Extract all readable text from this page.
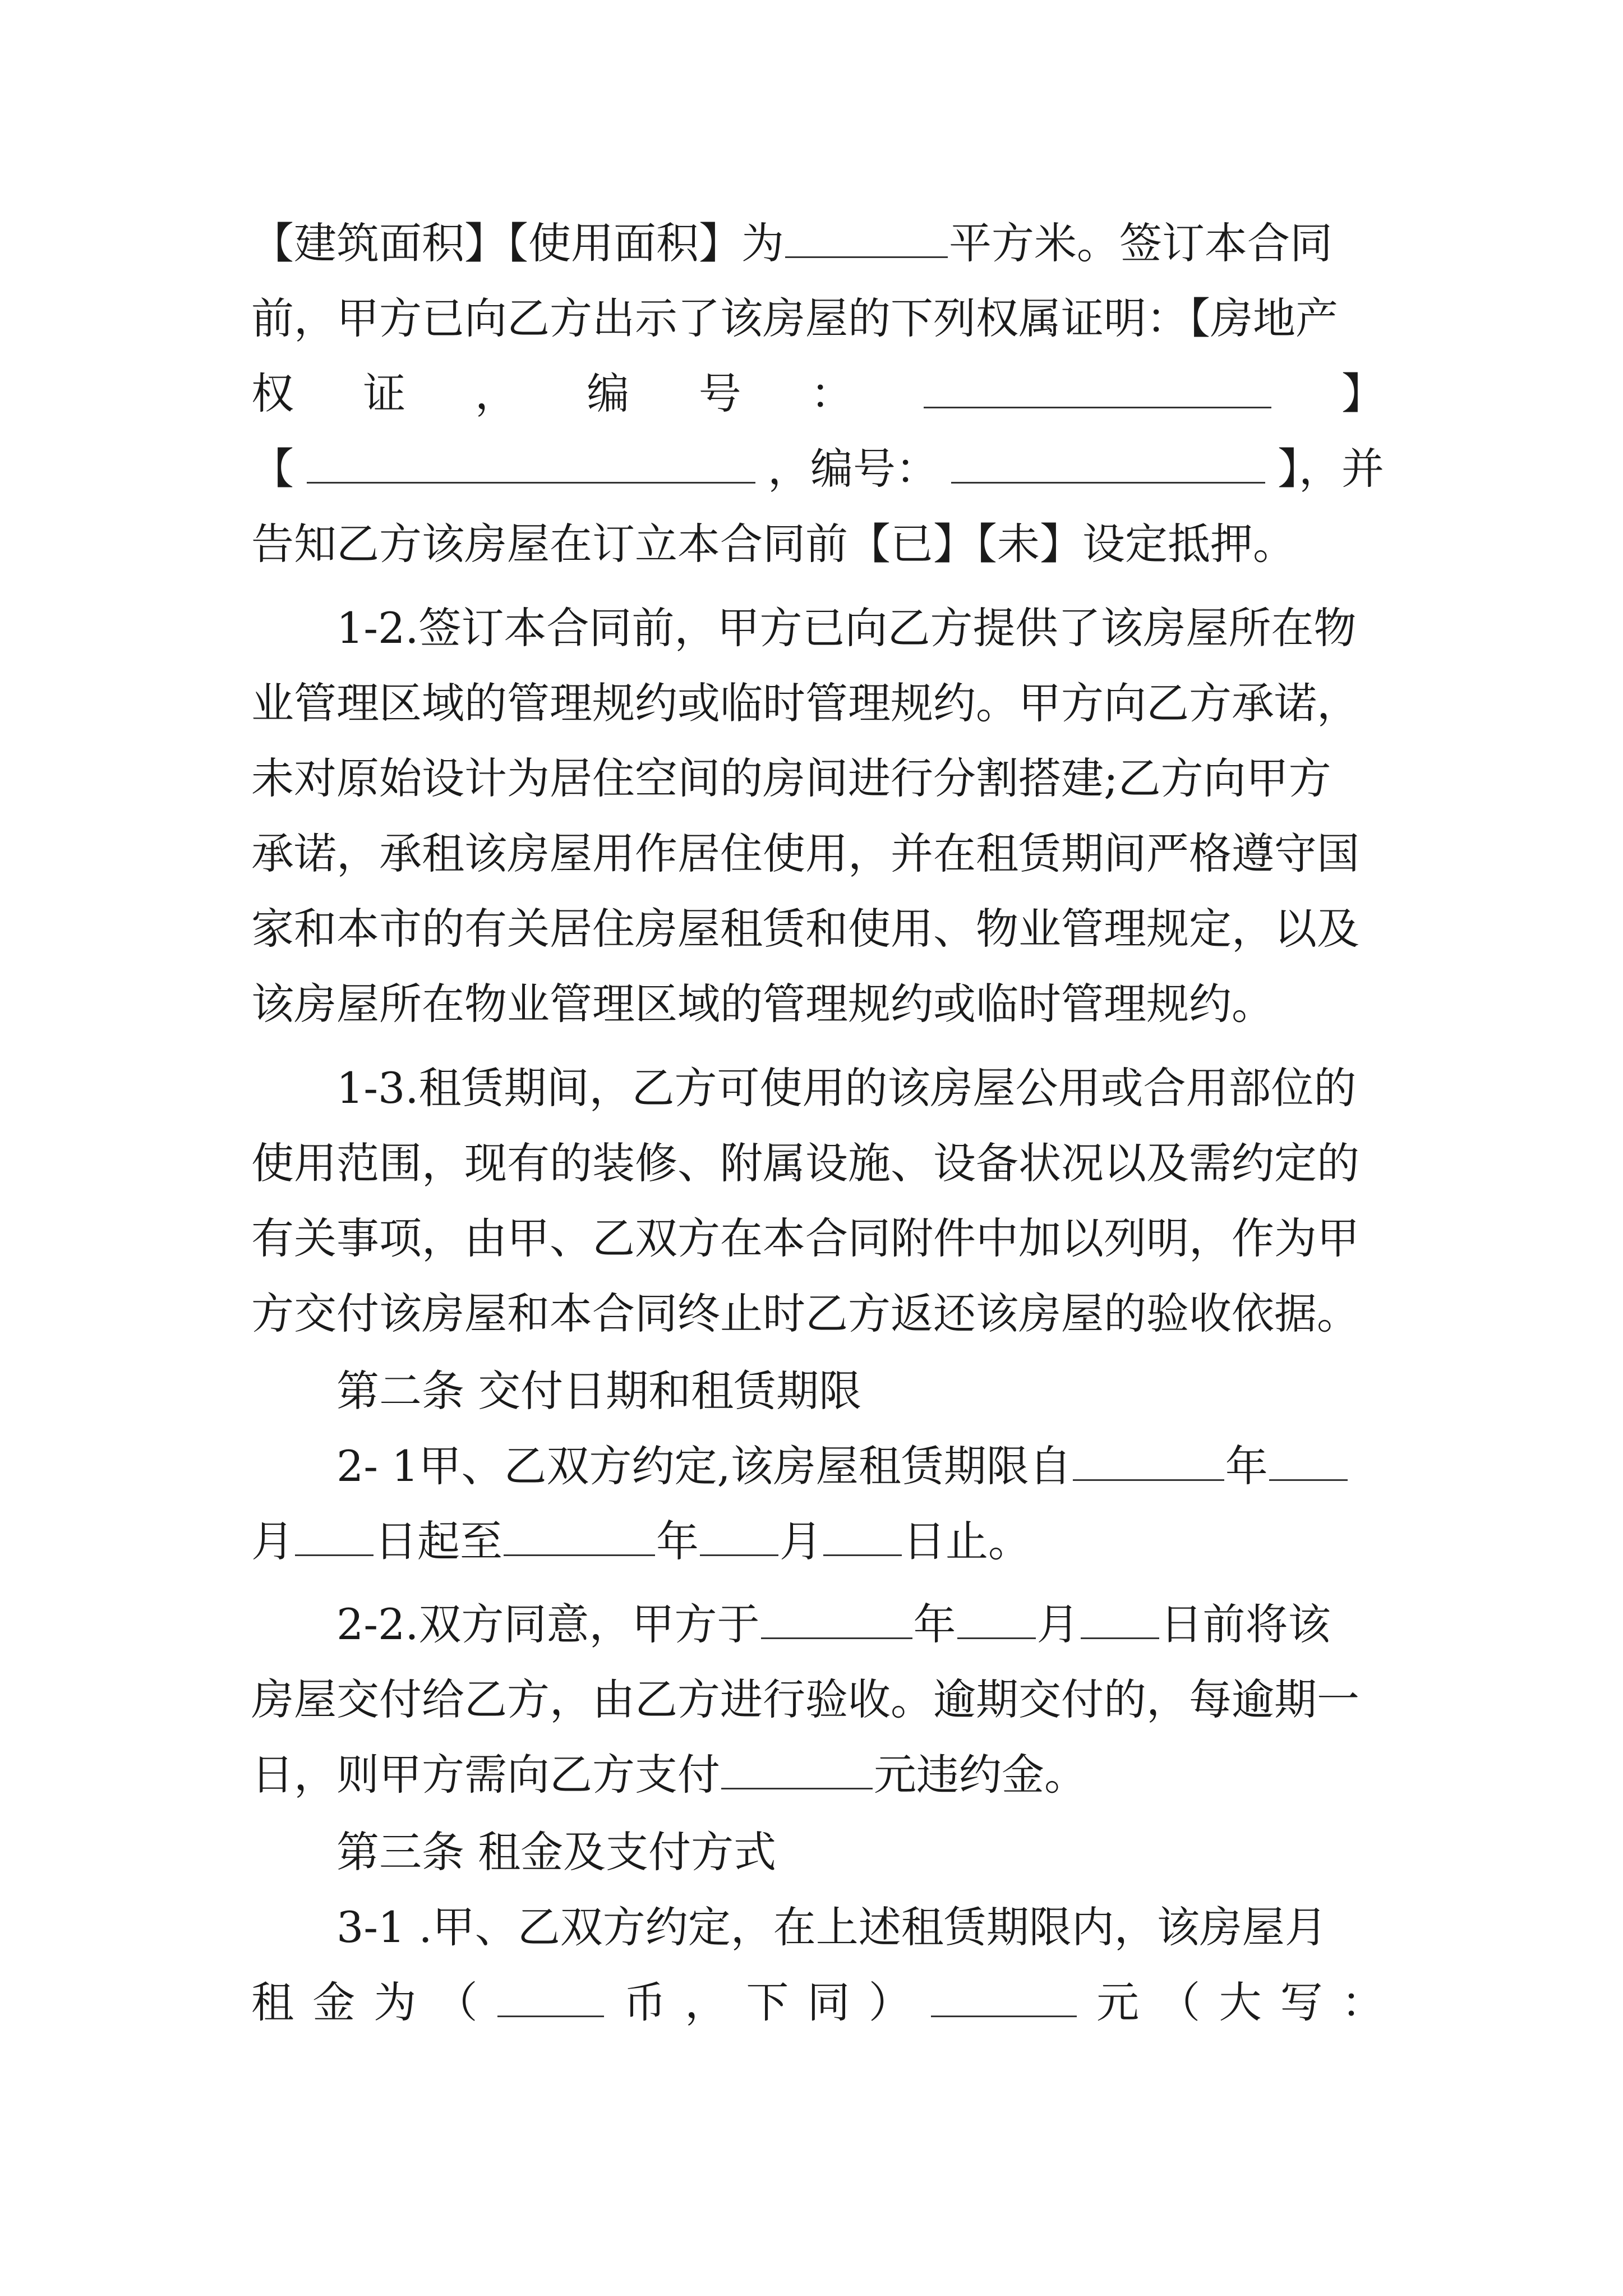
【建筑面积】【使用面积】为	平方米。签订本合同
前，甲方已向乙方出示了该房屋的下列权属证明：【房地产
权 证 ， 编 号 ：	】
【	，编号：	】，并
告知乙方该房屋在订立本合同前【已】【未】设定抵押。
1-2.签订本合同前，甲方已向乙方提供了该房屋所在物
业管理区域的管理规约或临时管理规约。甲方向乙方承诺，
未对原始设计为居住空间的房间进行分割搭建;乙方向甲方
承诺，承租该房屋用作居住使用，并在租赁期间严格遵守国
家和本市的有关居住房屋租赁和使用、物业管理规定，以及
该房屋所在物业管理区域的管理规约或临时管理规约。
1-3.租赁期间，乙方可使用的该房屋公用或合用部位的
使用范围，现有的装修、附属设施、设备状况以及需约定的
有关事项，由甲、乙双方在本合同附件中加以列明，作为甲
方交付该房屋和本合同终止时乙方返还该房屋的验收依据。
第二条 交付日期和租赁期限
2- 1甲、乙双方约定,该房屋租赁期限自	年
月 日起至	年 月 日止。
2-2.双方同意，甲方于	年 月 日前将该
房屋交付给乙方，由乙方进行验收。逾期交付的，每逾期一
日，则甲方需向乙方支付	元违约金。
第三条 租金及支付方式
3-1 .甲、乙双方约定，在上述租赁期限内，该房屋月
租 金 为 （	币 ， 下 同 ）	元 （ 大 写 ：
